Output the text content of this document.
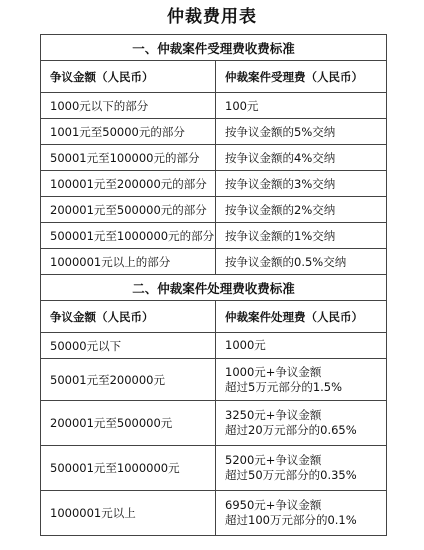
仲裁费用表
一、仲裁案件受理费收费标准	
争议金额（人民币）	仲裁案件受理费（人民币）
1000元以下的部分	100元
1001元至50000元的部分	按争议金额的5%交纳
50001元至100000元的部分	按争议金额的4%交纳
100001元至200000元的部分	按争议金额的3%交纳
200001元至500000元的部分	按争议金额的2%交纳
500001元至1000000元的部分	按争议金额的1%交纳
1000001元以上的部分	按争议金额的0.5%交纳
二、仲裁案件处理费收费标准	
争议金额（人民币）	仲裁案件处理费（人民币）
50000元以下	1000元

50001元至200000元	1000元+争议金额
超过5万元部分的1.5%

200001元至500000元	3250元+争议金额
超过20万元部分的0.65%

500001元至1000000元	5200元+争议金额
超过50万元部分的0.35%

1000001元以上	6950元+争议金额
超过100万元部分的0.1%
